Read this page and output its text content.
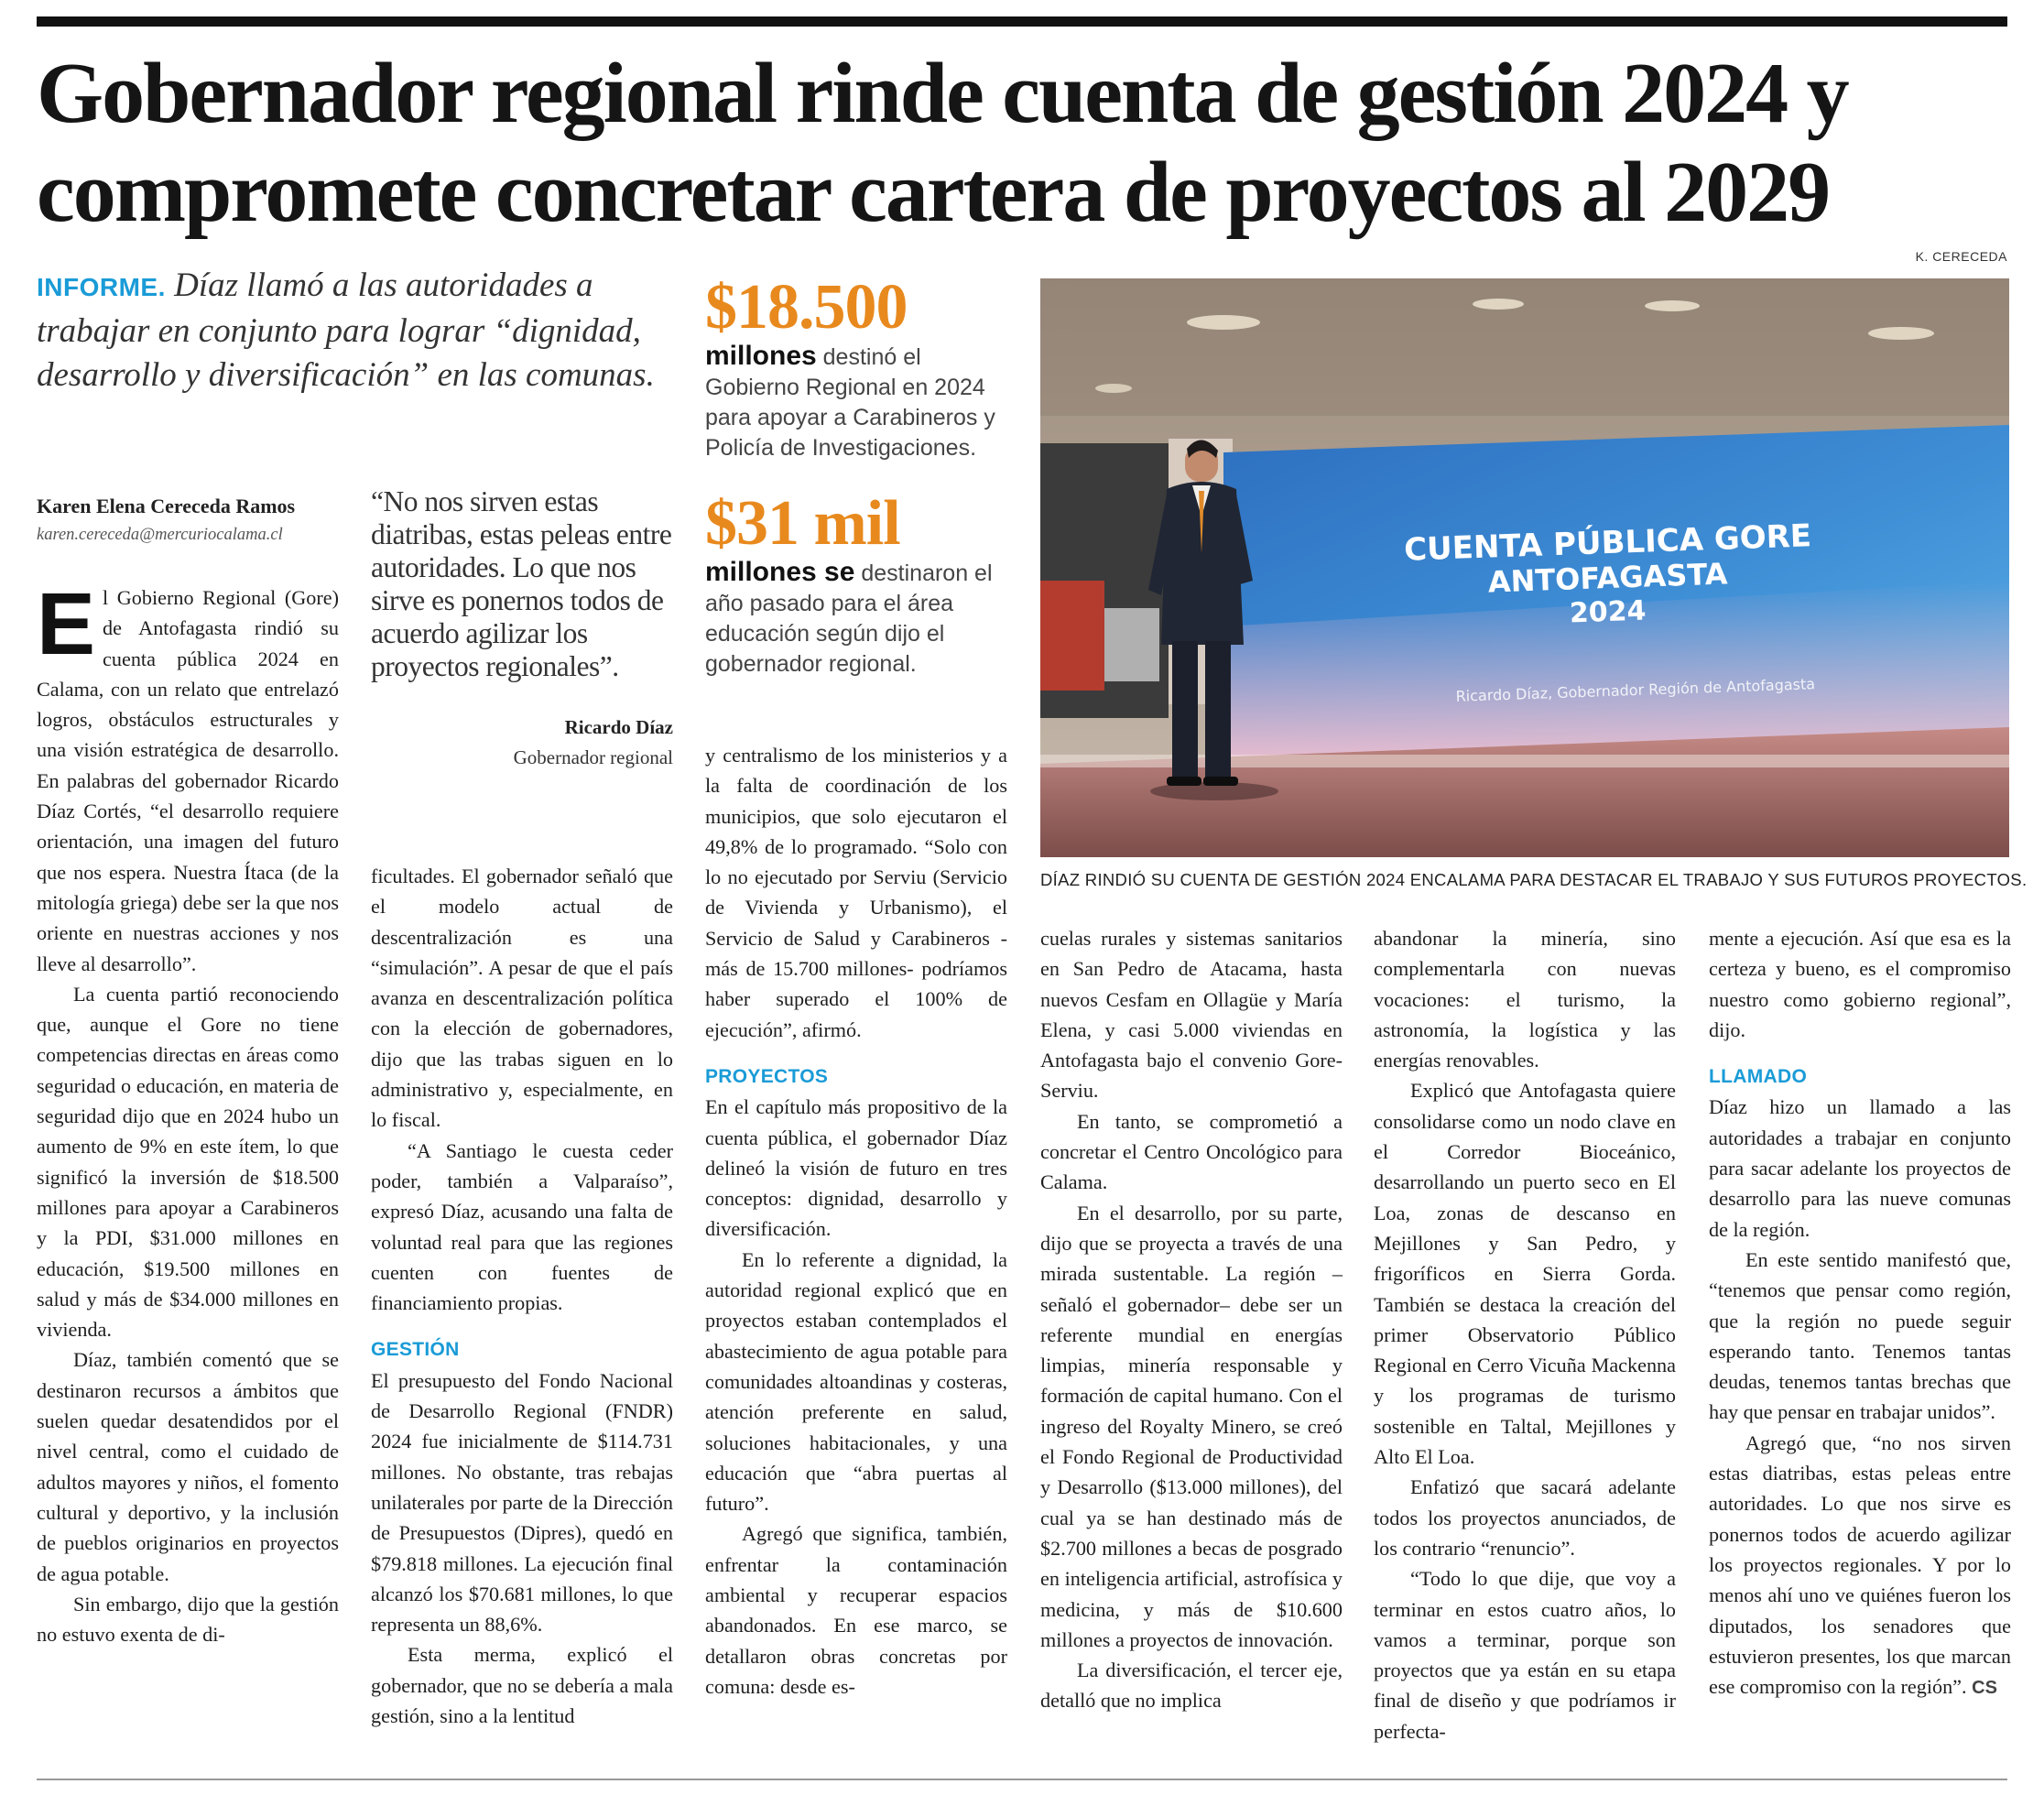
Gobernador regional rinde cuenta de gestión 2024 y
compromete concretar cartera de proyectos al 2029
K. CERECEDA
INFORME. Díaz llamó a las autoridades a trabajar en conjunto para lograr “dignidad, desarrollo y diversificación” en las comunas.
$18.500
millones destinó el Gobierno Regional en 2024 para apoyar a Carabineros y Policía de Investigaciones.
$31 mil
millones se destinaron el año pasado para el área educación según dijo el gobernador regional.
CUENTA PÚBLICA GORE
ANTOFAGASTA
2024
Ricardo Díaz, Gobernador Región de Antofagasta
DÍAZ RINDIÓ SU CUENTA DE GESTIÓN 2024 ENCALAMA PARA DESTACAR EL TRABAJO Y SUS FUTUROS PROYECTOS.
Karen Elena Cereceda Ramos
karen.cereceda@mercuriocalama.cl
“No nos sirven estas diatribas, estas peleas entre autoridades. Lo que nos sirve es ponernos todos de acuerdo agilizar los proyectos regionales”.
Ricardo Díaz
Gobernador regional

El Gobierno Regional (Gore) de Antofagasta rindió su cuenta pública 2024 en Calama, con un relato que entrelazó logros, obstáculos estructurales y una visión estratégica de desarrollo. En palabras del gobernador Ricardo Díaz Cortés, “el desarrollo requiere orientación, una imagen del futuro que nos espera. Nuestra Ítaca (de la mitología griega) debe ser la que nos oriente en nuestras acciones y nos lleve al desarrollo”.

La cuenta partió reconociendo que, aunque el Gore no tiene competencias directas en áreas como seguridad o educación, en materia de seguridad dijo que en 2024 hubo un aumento de 9% en este ítem, lo que significó la inversión de $18.500 millones para apoyar a Carabineros y la PDI, $31.000 millones en educación, $19.500 millones en salud y más de $34.000 millones en vivienda.

Díaz, también comentó que se destinaron recursos a ámbitos que suelen quedar desatendidos por el nivel central, como el cuidado de adultos mayores y niños, el fomento cultural y deportivo, y la inclusión de pueblos originarios en proyectos de agua potable.

Sin embargo, dijo que la gestión no estuvo exenta de di-

ficultades. El gobernador señaló que el modelo actual de descentralización es una “simulación”. A pesar de que el país avanza en descentralización política con la elección de gobernadores, dijo que las trabas siguen en lo administrativo y, especialmente, en lo fiscal.

“A Santiago le cuesta ceder poder, también a Valparaíso”, expresó Díaz, acusando una falta de voluntad real para que las regiones cuenten con fuentes de financiamiento propias.

GESTIÓN

El presupuesto del Fondo Nacional de Desarrollo Regional (FNDR) 2024 fue inicialmente de $114.731 millones. No obstante, tras rebajas unilaterales por parte de la Dirección de Presupuestos (Dipres), quedó en $79.818 millones. La ejecución final alcanzó los $70.681 millones, lo que representa un 88,6%.

Esta merma, explicó el gobernador, que no se debería a mala gestión, sino a la lentitud

y centralismo de los ministerios y a la falta de coordinación de los municipios, que solo ejecutaron el 49,8% de lo programado. “Solo con lo no ejecutado por Serviu (Servicio de Vivienda y Urbanismo), el Servicio de Salud y Carabineros -más de 15.700 millones- podríamos haber superado el 100% de ejecución”, afirmó.

PROYECTOS

En el capítulo más propositivo de la cuenta pública, el gobernador Díaz delineó la visión de futuro en tres conceptos: dignidad, desarrollo y diversificación.

En lo referente a dignidad, la autoridad regional explicó que en proyectos estaban contemplados el abastecimiento de agua potable para comunidades altoandinas y costeras, atención preferente en salud, soluciones habitacionales, y una educación que “abra puertas al futuro”.

Agregó que significa, también, enfrentar la contaminación ambiental y recuperar espacios abandonados. En ese marco, se detallaron obras concretas por comuna: desde es-

cuelas rurales y sistemas sanitarios en San Pedro de Atacama, hasta nuevos Cesfam en Ollagüe y María Elena, y casi 5.000 viviendas en Antofagasta bajo el convenio Gore-Serviu.

En tanto, se comprometió a concretar el Centro Oncológico para Calama.

En el desarrollo, por su parte, dijo que se proyecta a través de una mirada sustentable. La región –señaló el gobernador– debe ser un referente mundial en energías limpias, minería responsable y formación de capital humano. Con el ingreso del Royalty Minero, se creó el Fondo Regional de Productividad y Desarrollo ($13.000 millones), del cual ya se han destinado más de $2.700 millones a becas de posgrado en inteligencia artificial, astrofísica y medicina, y más de $10.600 millones a proyectos de innovación.

La diversificación, el tercer eje, detalló que no implica

abandonar la minería, sino complementarla con nuevas vocaciones: el turismo, la astronomía, la logística y las energías renovables.

Explicó que Antofagasta quiere consolidarse como un nodo clave en el Corredor Bioceánico, desarrollando un puerto seco en El Loa, zonas de descanso en Mejillones y San Pedro, y frigoríficos en Sierra Gorda. También se destaca la creación del primer Observatorio Público Regional en Cerro Vicuña Mackenna y los programas de turismo sostenible en Taltal, Mejillones y Alto El Loa.

Enfatizó que sacará adelante todos los proyectos anunciados, de los contrario “renuncio”.

“Todo lo que dije, que voy a terminar en estos cuatro años, lo vamos a terminar, porque son proyectos que ya están en su etapa final de diseño y que podríamos ir perfecta-

mente a ejecución. Así que esa es la certeza y bueno, es el compromiso nuestro como gobierno regional”, dijo.

LLAMADO

Díaz hizo un llamado a las autoridades a trabajar en conjunto para sacar adelante los proyectos de desarrollo para las nueve comunas de la región.

En este sentido manifestó que, “tenemos que pensar como región, que la región no puede seguir esperando tanto. Tenemos tantas deudas, tenemos tantas brechas que hay que pensar en trabajar unidos”.

Agregó que, “no nos sirven estas diatribas, estas peleas entre autoridades. Lo que nos sirve es ponernos todos de acuerdo agilizar los proyectos regionales. Y por lo menos ahí uno ve quiénes fueron los diputados, los senadores que estuvieron presentes, los que marcan ese compromiso con la región”. CS
